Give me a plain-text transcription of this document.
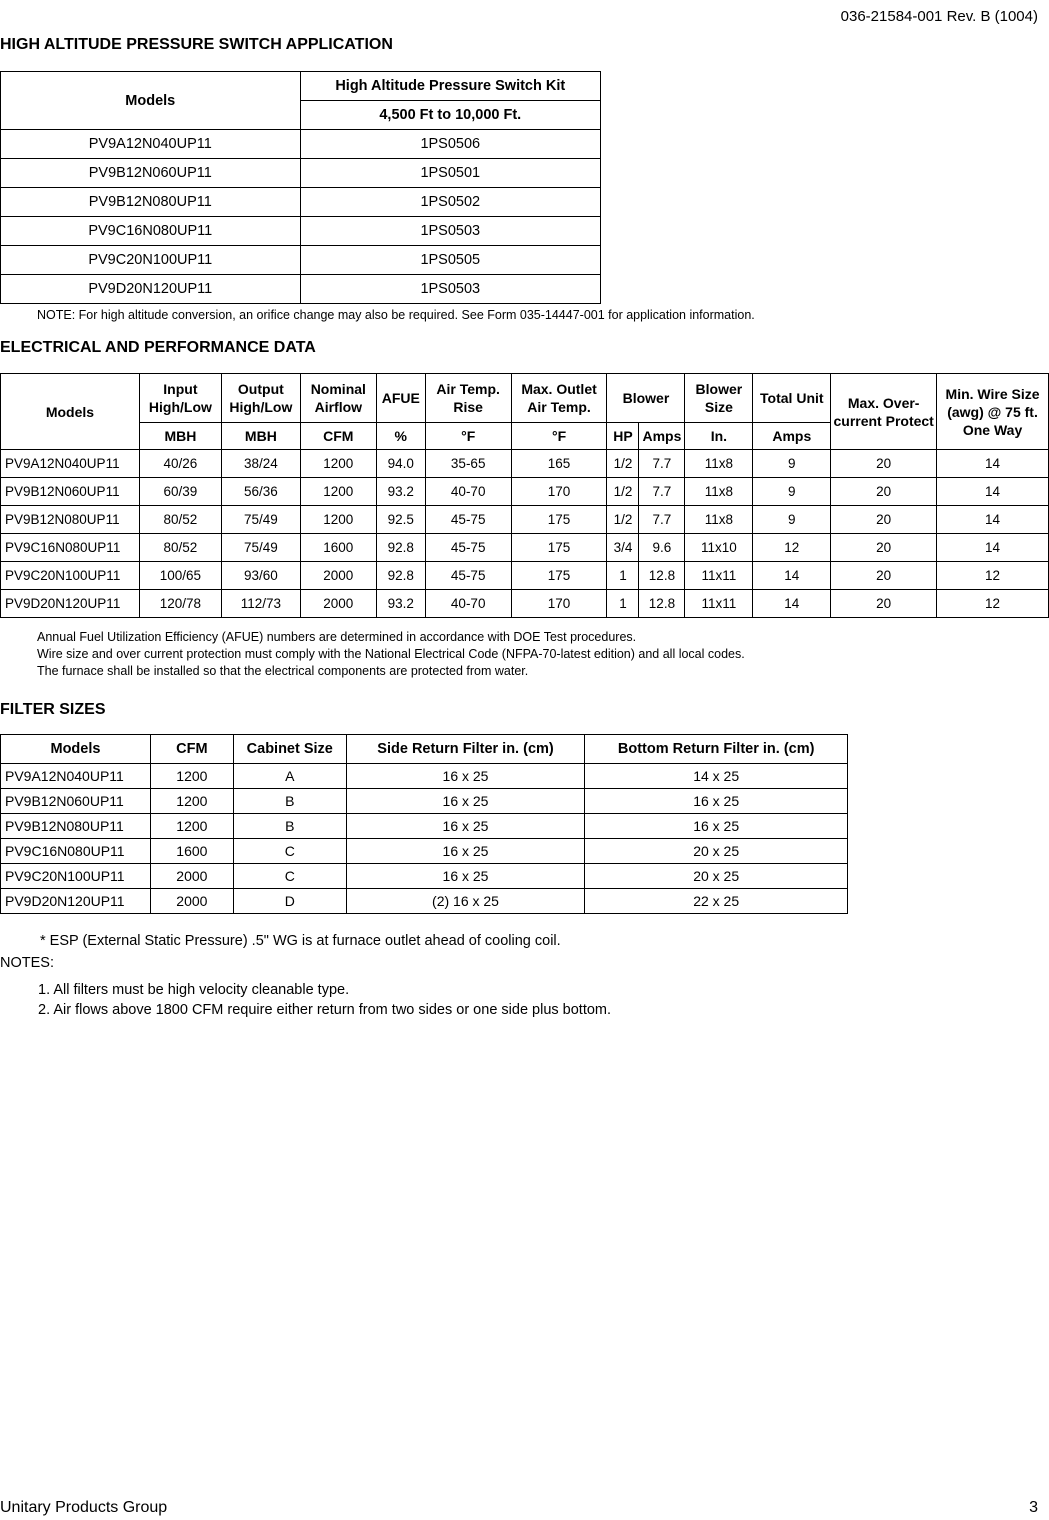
036-21584-001 Rev. B (1004)
HIGH ALTITUDE PRESSURE SWITCH APPLICATION
Models	High Altitude Pressure Switch Kit
	4,500 Ft to 10,000 Ft.
PV9A12N040UP11	1PS0506
PV9B12N060UP11	1PS0501
PV9B12N080UP11	1PS0502
PV9C16N080UP11	1PS0503
PV9C20N100UP11	1PS0505
PV9D20N120UP11	1PS0503
NOTE: For high altitude conversion, an orifice change may also be required. See Form 035-14447-001 for application information.
ELECTRICAL AND PERFORMANCE DATA
Models	Input High/Low	Output High/Low	Nominal Airflow	AFUE	Air Temp. Rise	Max. Outlet Air Temp.	Blower		Blower Size	Total Unit	Max. Over-current Protect	Min. Wire Size (awg) @ 75 ft. One Way
	MBH	MBH	CFM	%	°F	°F	HP	Amps	In.	Amps		
PV9A12N040UP11	40/26	38/24	1200	94.0	35-65	165	1/2	7.7	11x8	9	20	14
PV9B12N060UP11	60/39	56/36	1200	93.2	40-70	170	1/2	7.7	11x8	9	20	14
PV9B12N080UP11	80/52	75/49	1200	92.5	45-75	175	1/2	7.7	11x8	9	20	14
PV9C16N080UP11	80/52	75/49	1600	92.8	45-75	175	3/4	9.6	11x10	12	20	14
PV9C20N100UP11	100/65	93/60	2000	92.8	45-75	175	1	12.8	11x11	14	20	12
PV9D20N120UP11	120/78	112/73	2000	93.2	40-70	170	1	12.8	11x11	14	20	12
Annual Fuel Utilization Efficiency (AFUE) numbers are determined in accordance with DOE Test procedures.
Wire size and over current protection must comply with the National Electrical Code (NFPA-70-latest edition) and all local codes.
The furnace shall be installed so that the electrical components are protected from water.
FILTER SIZES
Models	CFM	Cabinet Size	Side Return Filter in. (cm)	Bottom Return Filter in. (cm)
PV9A12N040UP11	1200	A	16 x 25	14 x 25
PV9B12N060UP11	1200	B	16 x 25	16 x 25
PV9B12N080UP11	1200	B	16 x 25	16 x 25
PV9C16N080UP11	1600	C	16 x 25	20 x 25
PV9C20N100UP11	2000	C	16 x 25	20 x 25
PV9D20N120UP11	2000	D	(2) 16 x 25	22 x 25
* ESP (External Static Pressure) .5" WG is at furnace outlet ahead of cooling coil.
NOTES:
1. All filters must be high velocity cleanable type.
2. Air flows above 1800 CFM require either return from two sides or one side plus bottom.
Unitary Products Group	3
